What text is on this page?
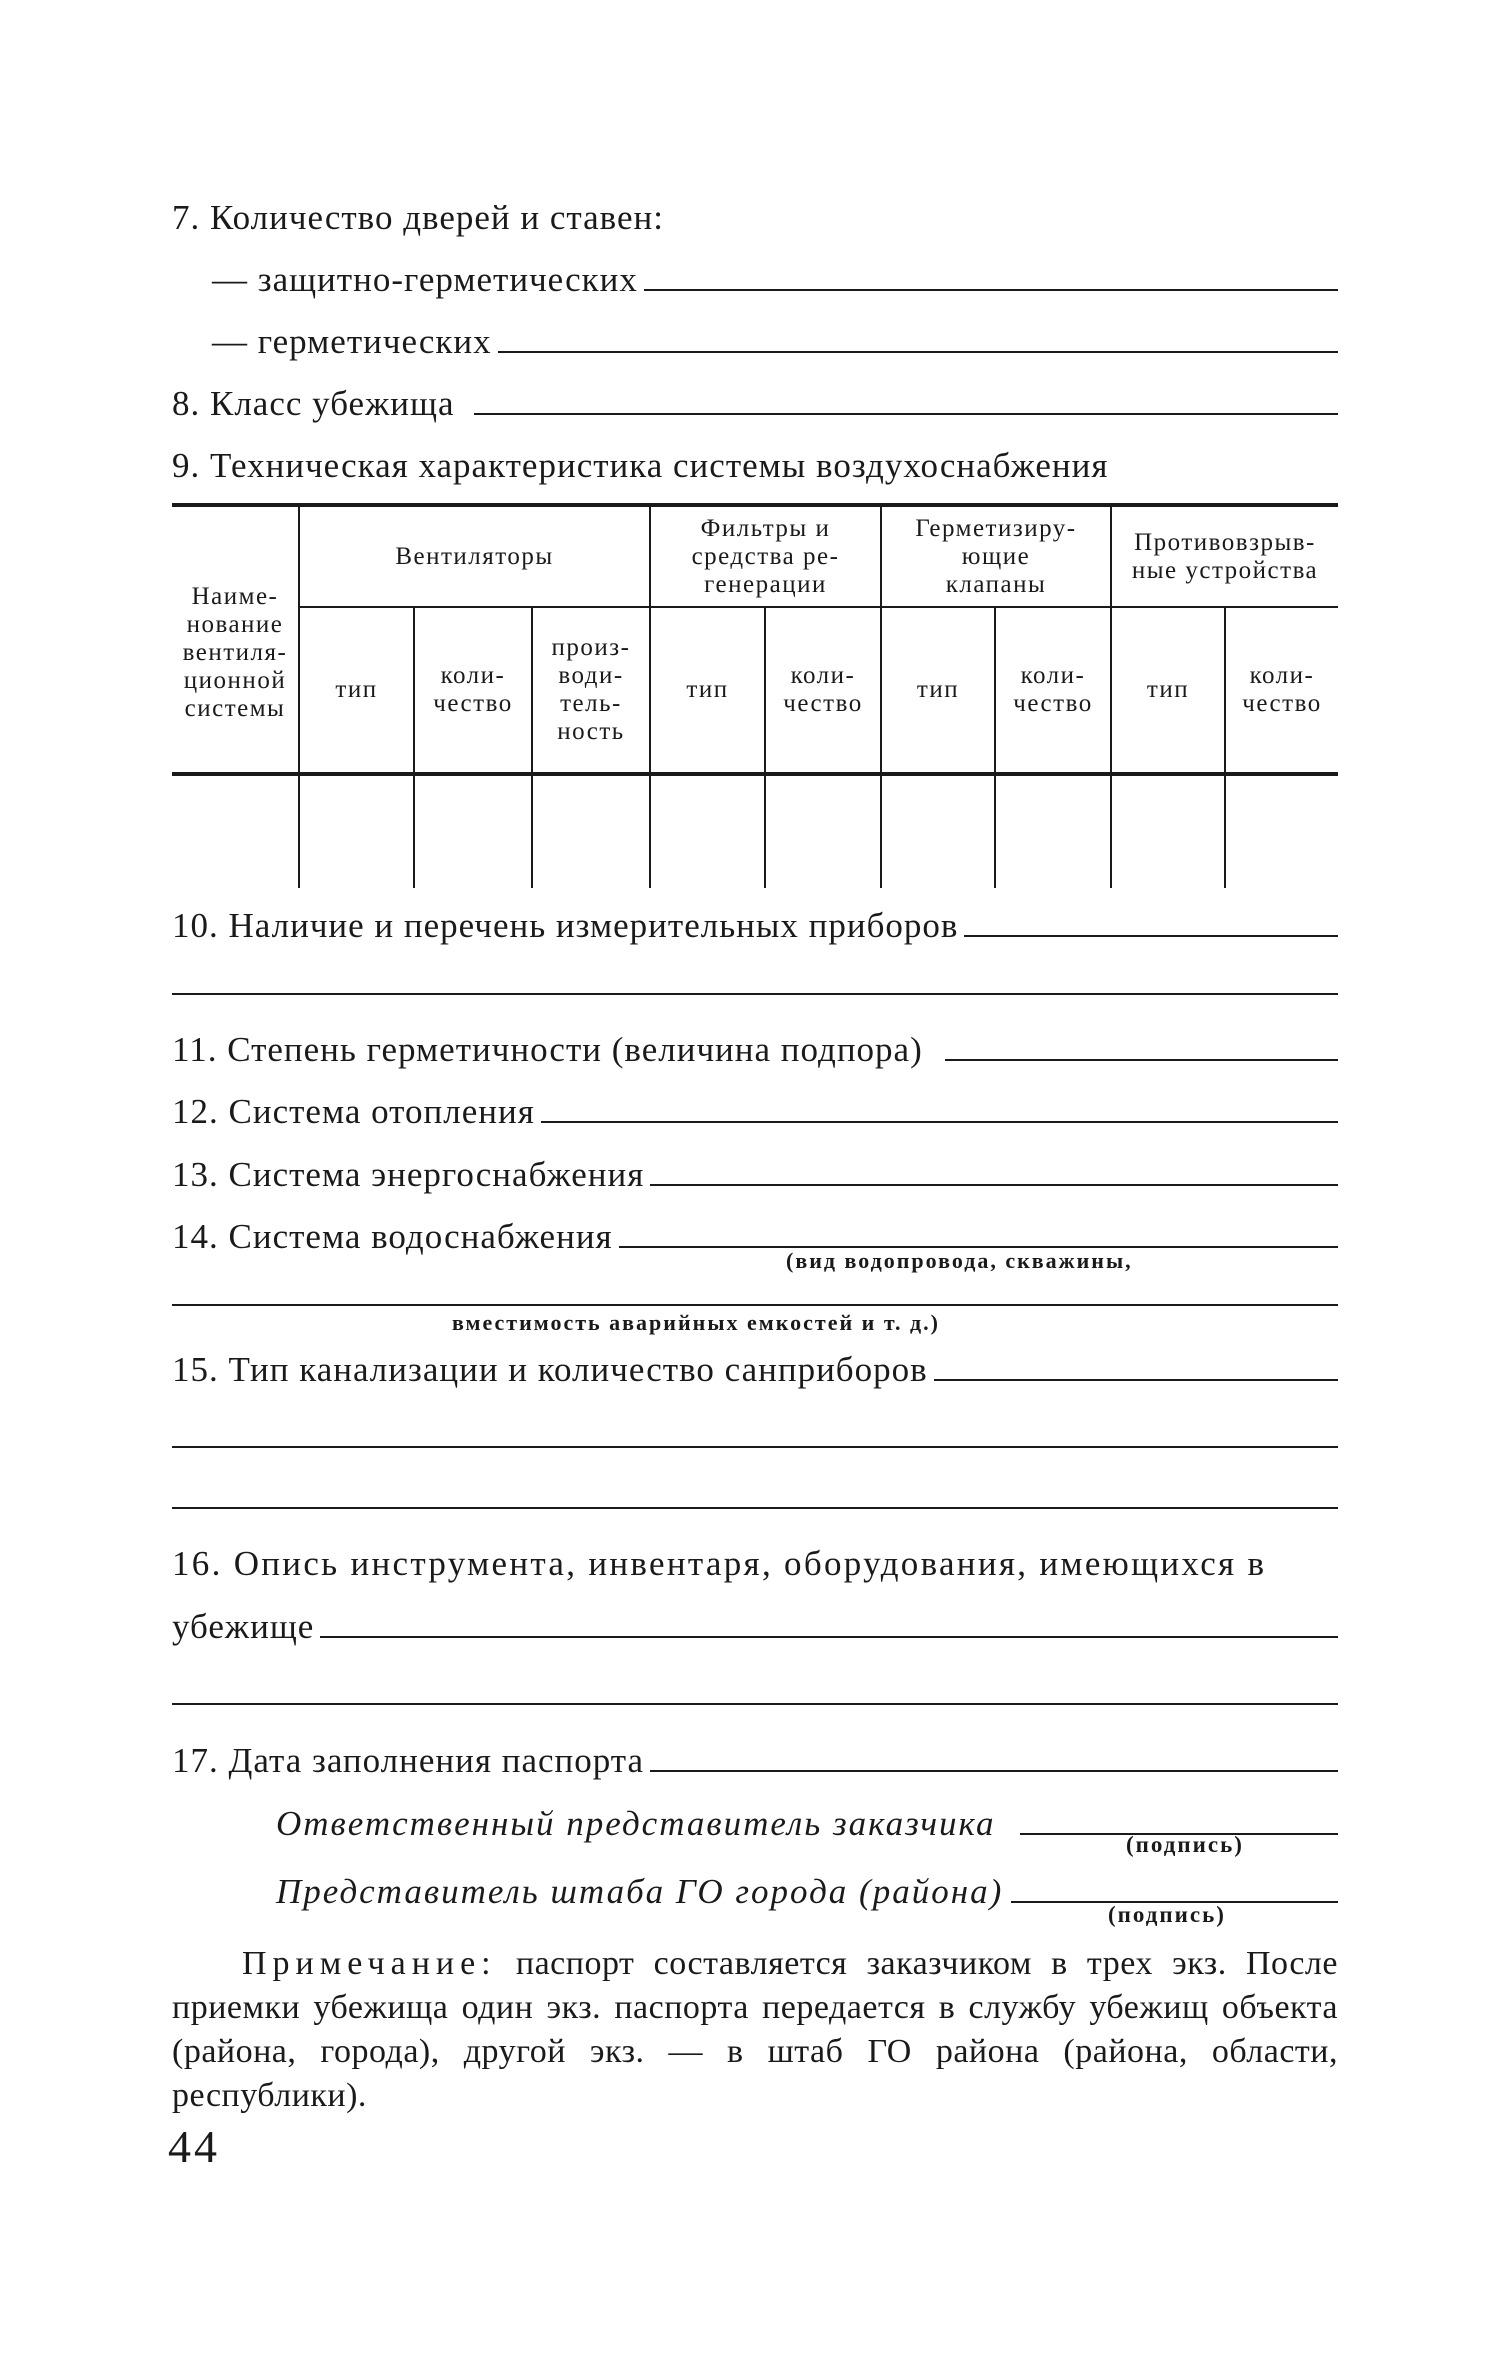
7. Количество дверей и ставен:
— защитно-герметических
— герметических
8. Класс убежища
9. Техническая характеристика системы воздухоснабжения
Наиме-
нование
вентиля-
ционной
системы
Вентиляторы
Фильтры и
средства ре-
генерации
Герметизиру-
ющие
клапаны
Противовзрыв-
ные устройства
тип
коли-
чество
произ-
води-
тель-
ность
тип
коли-
чество
тип
коли-
чество
тип
коли-
чество
10. Наличие и перечень измерительных приборов
11. Степень герметичности (величина подпора)
12. Система отопления
13. Система энергоснабжения
14. Система водоснабжения
(вид водопровода, скважины,
вместимость аварийных емкостей и т. д.)
15. Тип канализации и количество санприборов
16. Опись инструмента, инвентаря, оборудования, имеющихся в
убежище
17. Дата заполнения паспорта
Ответственный представитель заказчика
(подпись)
Представитель штаба ГО города (района)
(подпись)

Примечание: паспорт составляется заказчиком в трех экз. После приемки убежища один экз. паспорта передается в службу убежищ объекта (района, города), другой экз. — в штаб ГО района (района, области, республики).

44
